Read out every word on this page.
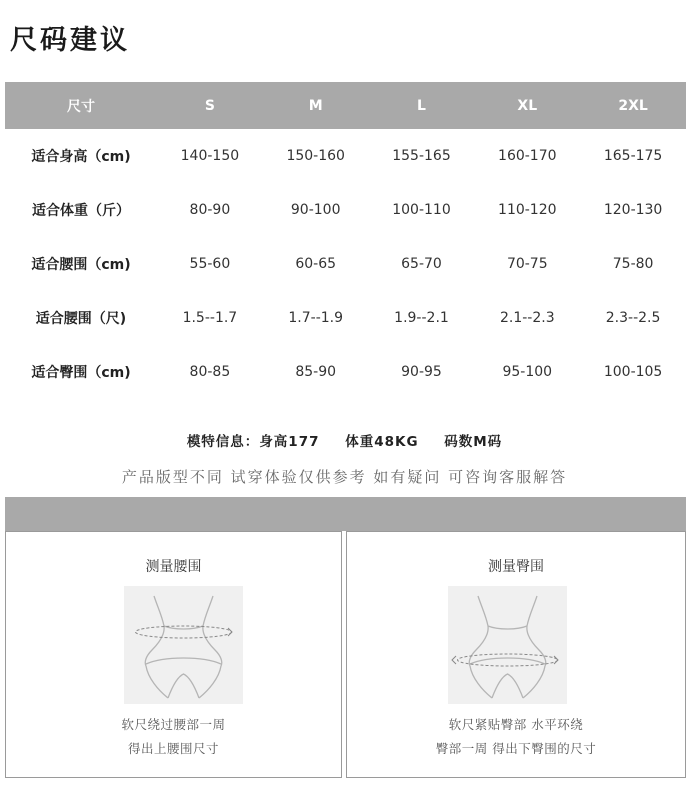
尺码建议
尺寸	S	M	L	XL	2XL
适合身高（cm)	140-150	150-160	155-165	160-170	165-175
适合体重（斤）	80-90	90-100	100-110	110-120	120-130
适合腰围（cm)	55-60	60-65	65-70	70-75	75-80
适合腰围（尺)	1.5--1.7	1.7--1.9	1.9--2.1	2.1--2.3	2.3--2.5
适合臀围（cm)	80-85	85-90	90-95	95-100	100-105
模特信息：身高177 体重48KG 码数M码
产品版型不同 试穿体验仅供参考 如有疑问 可咨询客服解答
测量腰围
软尺绕过腰部一周
得出上腰围尺寸
测量臀围
软尺紧贴臀部 水平环绕
臀部一周 得出下臀围的尺寸
